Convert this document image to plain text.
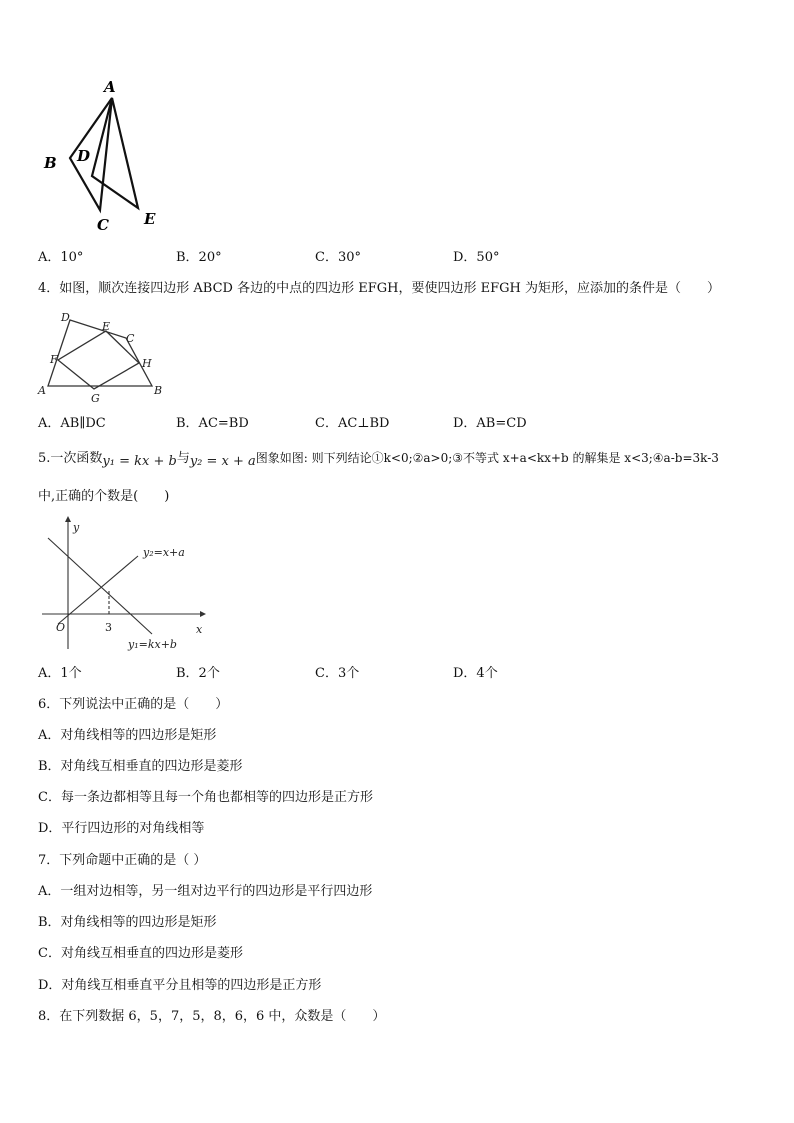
A
B D
C E
A．10°	B．20°	C．30°	D．50°
4．如图，顺次连接四边形 ABCD 各边的中点的四边形 EFGH，要使四边形 EFGH 为矩形，应添加的条件是（　　）
D
E
C
F	H
A
G
B
A．AB∥DC	B．AC=BD	C．AC⊥BD	D．AB=CD
5.一次函数y₁ = kx + b与y₂ = x + a图象如图: 则下列结论①k<0;②a>0;③不等式 x+a<kx+b 的解集是 x<3;④a-b=3k-3
中,正确的个数是(　　)
y
x
O
y₂=x+a
y₁=kx+b
3
A．1个	B．2个	C．3个	D．4个
6．下列说法中正确的是（　　）
A．对角线相等的四边形是矩形
B．对角线互相垂直的四边形是菱形
C．每一条边都相等且每一个角也都相等的四边形是正方形
D．平行四边形的对角线相等
7．下列命题中正确的是（ ）
A．一组对边相等，另一组对边平行的四边形是平行四边形
B．对角线相等的四边形是矩形
C．对角线互相垂直的四边形是菱形
D．对角线互相垂直平分且相等的四边形是正方形
8．在下列数据 6，5，7，5，8，6，6 中，众数是（　　）
